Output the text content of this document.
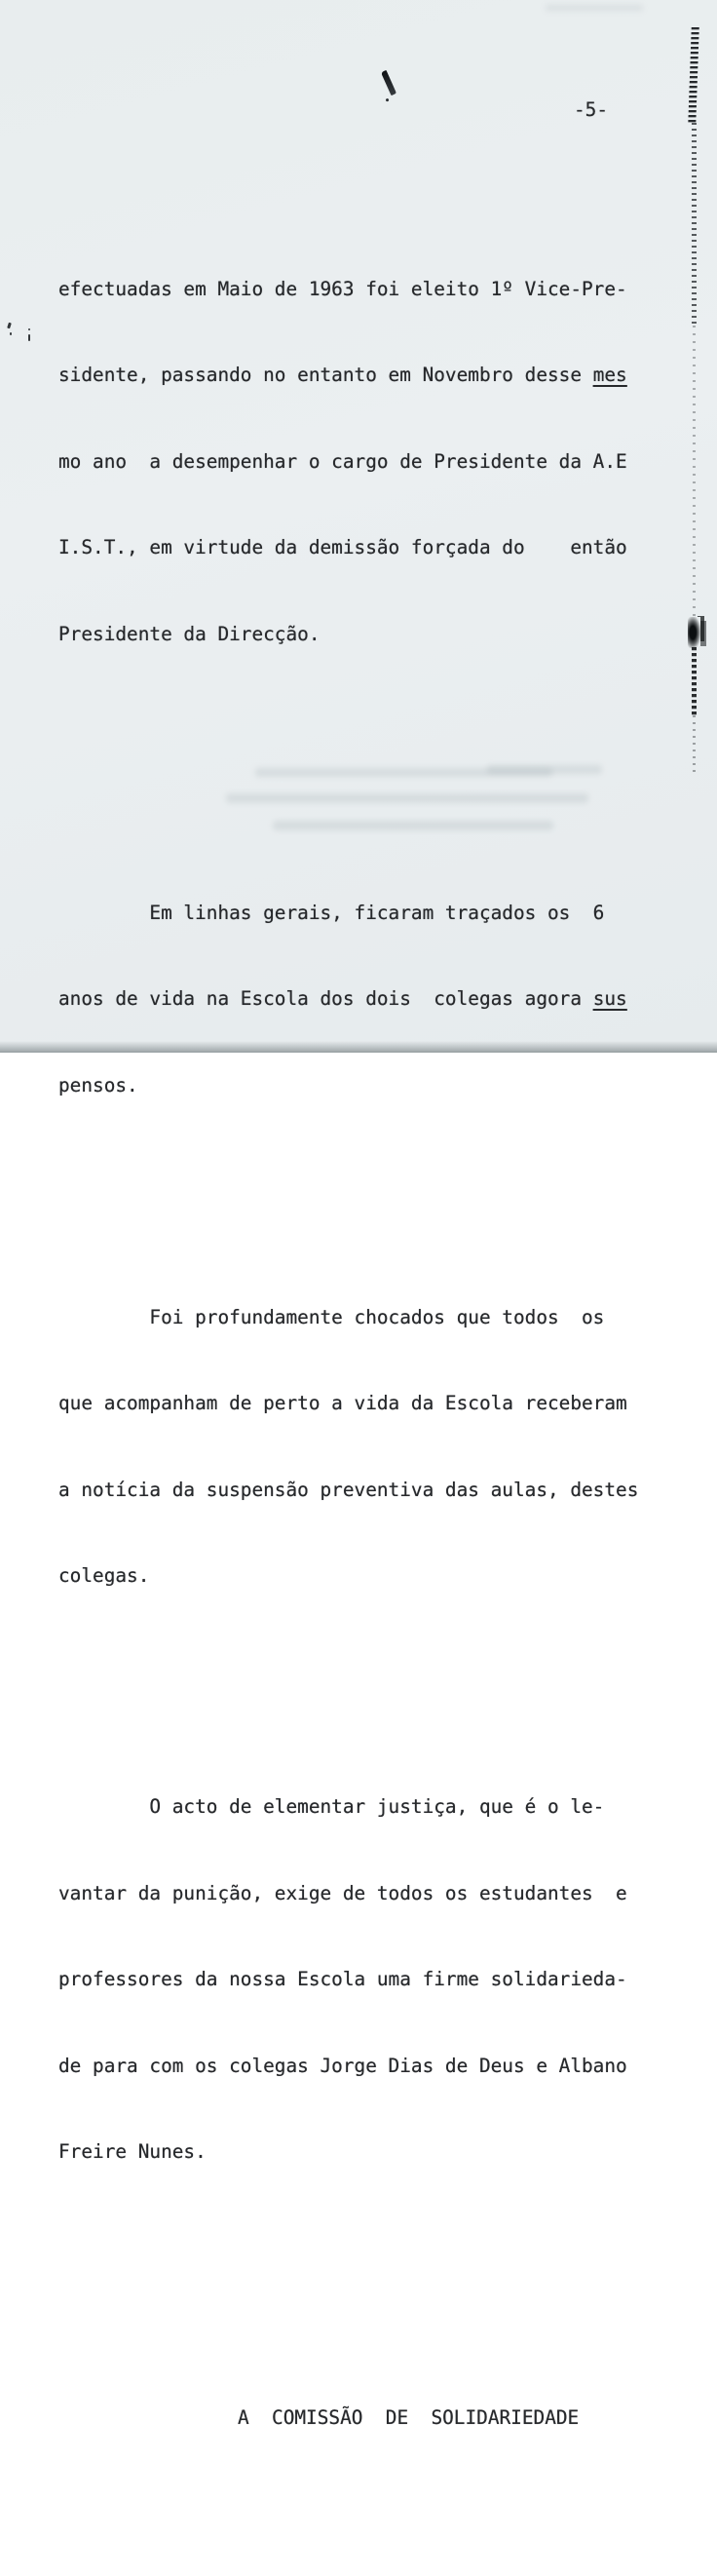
-5-

efectuadas em Maio de 1963 foi eleito 1º Vice-Pre-

sidente, passando no entanto em Novembro desse mes

mo ano  a desempenhar o cargo de Presidente da A.E

I.S.T., em virtude da demissão forçada do    então

Presidente da Direcção.

Em linhas gerais, ficaram traçados os  6

anos de vida na Escola dos dois  colegas agora sus

pensos.

Foi profundamente chocados que todos  os

que acompanham de perto a vida da Escola receberam

a notícia da suspensão preventiva das aulas, destes

colegas.

O acto de elementar justiça, que é o le-

vantar da punição, exige de todos os estudantes  e

professores da nossa Escola uma firme solidarieda-

de para com os colegas Jorge Dias de Deus e Albano

Freire Nunes.

A  COMISSÃO  DE  SOLIDARIEDADE
